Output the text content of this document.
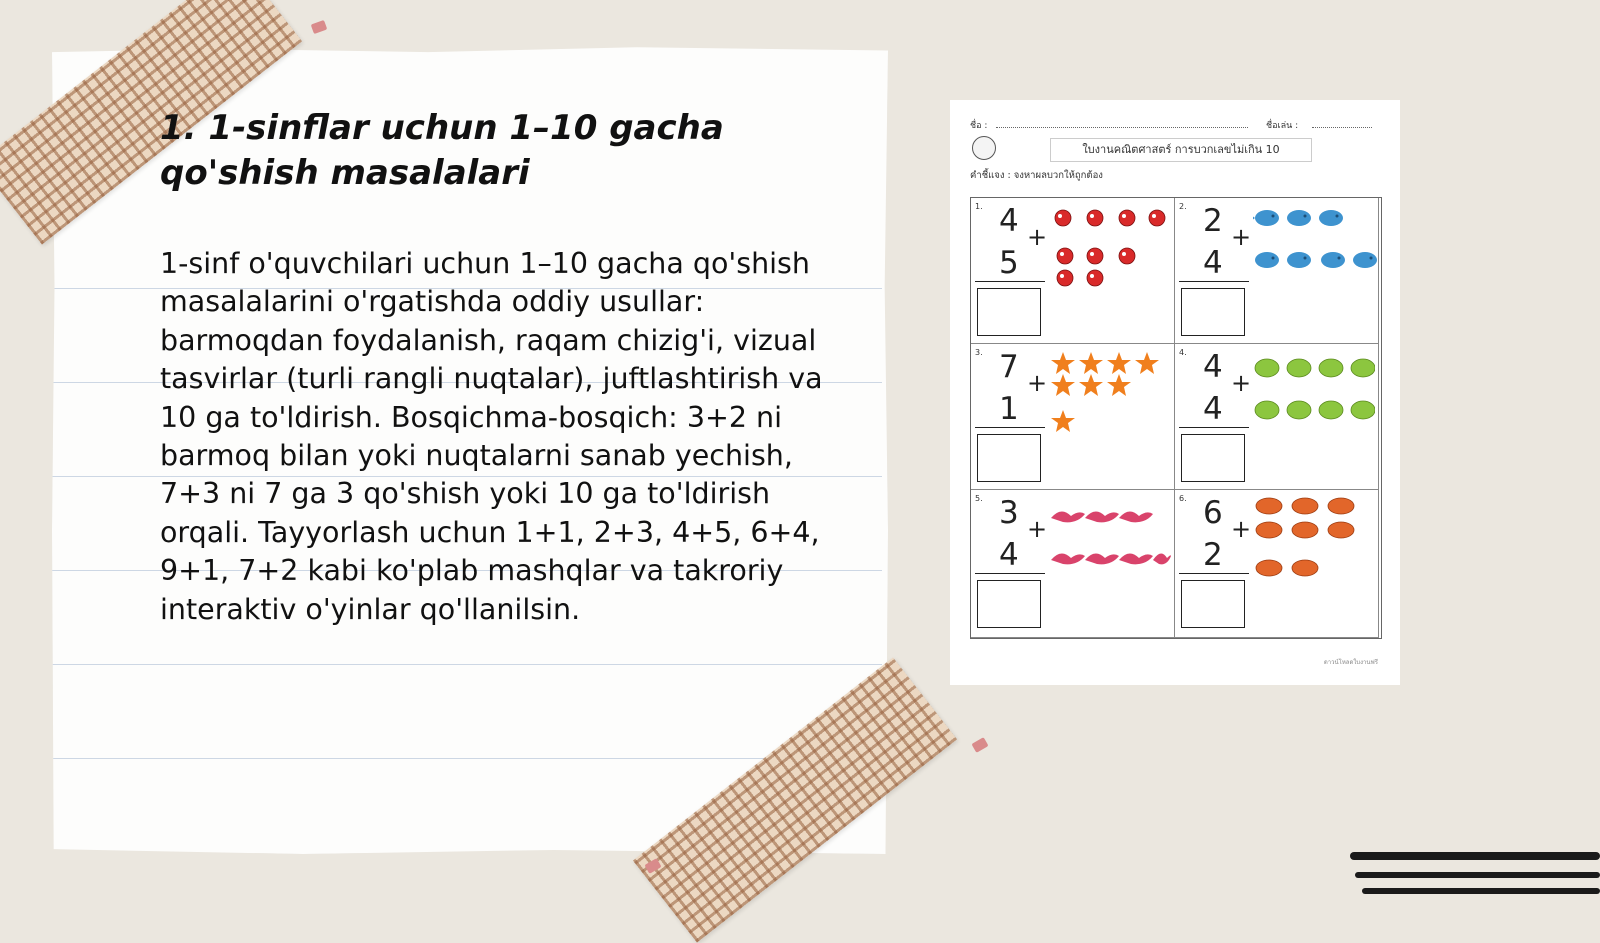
1. 1-sinflar uchun 1–10 gacha qo'shish masalalari

1-sinf o'quvchilari uchun 1–10 gacha qo'shish masalalarini o'rgatishda oddiy usullar: barmoqdan foydalanish, raqam chizig'i, vizual tasvirlar (turli rangli nuqtalar), juftlashtirish va 10 ga to'ldirish. Bosqichma-bosqich: 3+2 ni barmoq bilan yoki nuqtalarni sanab yechish, 7+3 ni 7 ga 3 qo'shish yoki 10 ga to'ldirish orqali. Tayyorlash uchun 1+1, 2+3, 4+5, 6+4, 9+1, 7+2 kabi ko'plab mashqlar va takroriy interaktiv o'yinlar qo'llanilsin.

ชื่อ :	ชื่อเล่น :
ใบงานคณิตศาสตร์ การบวกเลขไม่เกิน 10
คำชี้แจง : จงหาผลบวกให้ถูกต้อง
1. 4 +
5
2. 2 +
4
3. 7 +
1
4. 4 +
4
5. 3 +
4
6. 6 +
2
ดาวน์โหลดใบงานฟรี
